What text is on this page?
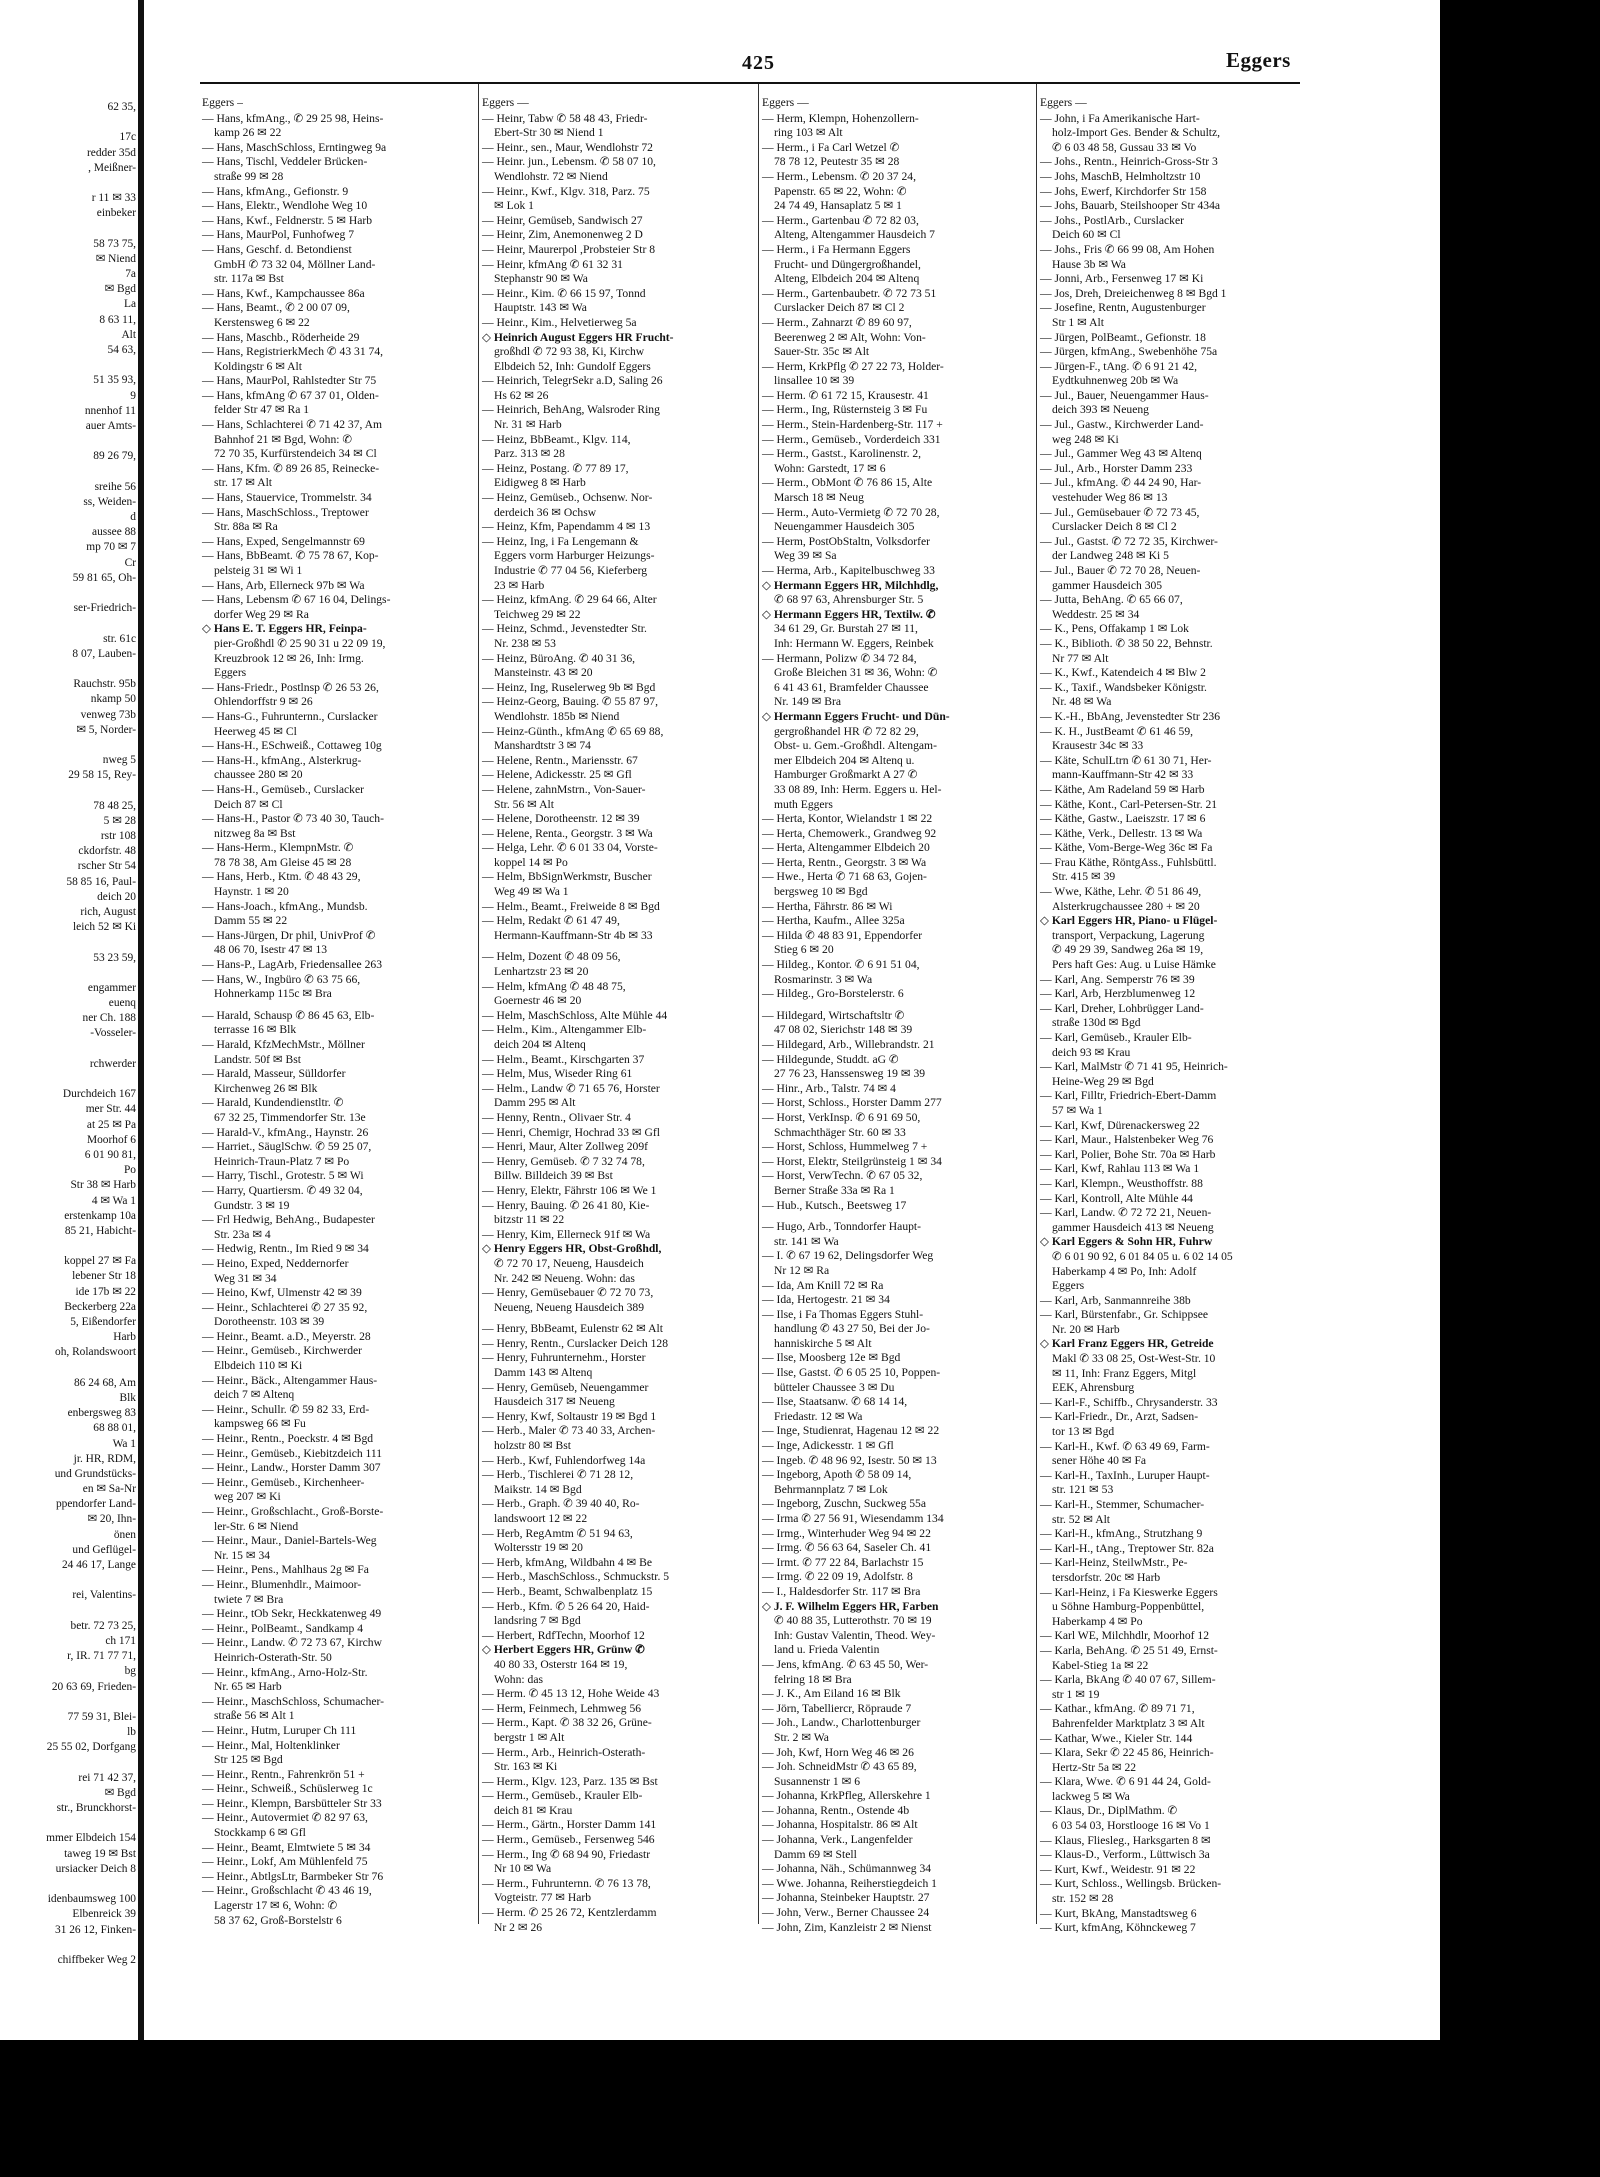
62 35,
17c
redder 35d
, Meißner-
r 11 ✉ 33
einbeker
58 73 75,
✉ Niend
7a
✉ Bgd
La
8 63 11,
Alt
54 63,
51 35 93,
9
nnenhof 11
auer Amts-
89 26 79,
sreihe 56
ss, Weiden-
d
aussee 88
mp 70 ✉ 7
Cr
59 81 65, Oh-
ser-Friedrich-
str. 61c
8 07, Lauben-
Rauchstr. 95b
nkamp 50
venweg 73b
✉ 5, Norder-
nweg 5
29 58 15, Rey-
78 48 25,
5 ✉ 28
rstr 108
ckdorfstr. 48
rscher Str 54
58 85 16, Paul-
deich 20
rich, August
leich 52 ✉ Ki
53 23 59,
engammer
euenq
ner Ch. 188
-Vosseler-
rchwerder
Durchdeich 167
mer Str. 44
at 25 ✉ Pa
Moorhof 6
6 01 90 81,
Po
Str 38 ✉ Harb
4 ✉ Wa 1
erstenkamp 10a
85 21, Habicht-
koppel 27 ✉ Fa
lebener Str 18
ide 17b ✉ 22
Beckerberg 22a
5, Eißendorfer
Harb
oh, Rolandswoort
86 24 68, Am
Blk
enbergsweg 83
68 88 01,
Wa 1
jr. HR, RDM,
und Grundstücks-
en ✉ Sa-Nr
ppendorfer Land-
✉ 20, Ihn-
önen
und Geflügel-
24 46 17, Lange
rei, Valentins-
betr. 72 73 25,
ch 171
r, IR. 71 77 71,
bg
20 63 69, Frieden-
77 59 31, Blei-
lb
25 55 02, Dorfgang
rei 71 42 37,
✉ Bgd
str., Brunckhorst-
mmer Elbdeich 154
taweg 19 ✉ Bst
ursiacker Deich 8
idenbaumsweg 100
Elbenreick 39
31 26 12, Finken-
chiffbeker Weg 2
425	Eggers
Eggers –
— Hans, kfmAng., ✆ 29 25 98, Heins-
kamp 26 ✉ 22
— Hans, MaschSchloss, Erntingweg 9a
— Hans, Tischl, Veddeler Brücken-
straße 99 ✉ 28
— Hans, kfmAng., Gefionstr. 9
— Hans, Elektr., Wendlohe Weg 10
— Hans, Kwf., Feldnerstr. 5 ✉ Harb
— Hans, MaurPol, Funhofweg 7
— Hans, Geschf. d. Betondienst
GmbH ✆ 73 32 04, Möllner Land-
str. 117a ✉ Bst
— Hans, Kwf., Kampchaussee 86a
— Hans, Beamt., ✆ 2 00 07 09,
Kerstensweg 6 ✉ 22
— Hans, Maschb., Röderheide 29
— Hans, RegistrierkMech ✆ 43 31 74,
Koldingstr 6 ✉ Alt
— Hans, MaurPol, Rahlstedter Str 75
— Hans, kfmAng ✆ 67 37 01, Olden-
felder Str 47 ✉ Ra 1
— Hans, Schlachterei ✆ 71 42 37, Am
Bahnhof 21 ✉ Bgd, Wohn: ✆
72 70 35, Kurfürstendeich 34 ✉ Cl
— Hans, Kfm. ✆ 89 26 85, Reinecke-
str. 17 ✉ Alt
— Hans, Stauervice, Trommelstr. 34
— Hans, MaschSchloss., Treptower
Str. 88a ✉ Ra
— Hans, Exped, Sengelmannstr 69
— Hans, BbBeamt. ✆ 75 78 67, Kop-
pelsteig 31 ✉ Wi 1
— Hans, Arb, Ellerneck 97b ✉ Wa
— Hans, Lebensm ✆ 67 16 04, Delings-
dorfer Weg 29 ✉ Ra
◇ Hans E. T. Eggers HR, Feinpa-
pier-Großhdl ✆ 25 90 31 u 22 09 19,
Kreuzbrook 12 ✉ 26, Inh: Irmg.
Eggers
— Hans-Friedr., Postlnsp ✆ 26 53 26,
Ohlendorffstr 9 ✉ 26
— Hans-G., Fuhrunternn., Curslacker
Heerweg 45 ✉ Cl
— Hans-H., ESchweiß., Cottaweg 10g
— Hans-H., kfmAng., Alsterkrug-
chaussee 280 ✉ 20
— Hans-H., Gemüseb., Curslacker
Deich 87 ✉ Cl
— Hans-H., Pastor ✆ 73 40 30, Tauch-
nitzweg 8a ✉ Bst
— Hans-Herm., KlempnMstr. ✆
78 78 38, Am Gleise 45 ✉ 28
— Hans, Herb., Ktm. ✆ 48 43 29,
Haynstr. 1 ✉ 20
— Hans-Joach., kfmAng., Mundsb.
Damm 55 ✉ 22
— Hans-Jürgen, Dr phil, UnivProf ✆
48 06 70, Isestr 47 ✉ 13
— Hans-P., LagArb, Friedensallee 263
— Hans, W., Ingbüro ✆ 63 75 66,
Hohnerkamp 115c ✉ Bra
— Harald, Schausp ✆ 86 45 63, Elb-
terrasse 16 ✉ Blk
— Harald, KfzMechMstr., Möllner
Landstr. 50f ✉ Bst
— Harald, Masseur, Sülldorfer
Kirchenweg 26 ✉ Blk
— Harald, Kundendienstltr. ✆
67 32 25, Timmendorfer Str. 13e
— Harald-V., kfmAng., Haynstr. 26
— Harriet., SäuglSchw. ✆ 59 25 07,
Heinrich-Traun-Platz 7 ✉ Po
— Harry, Tischl., Grotestr. 5 ✉ Wi
— Harry, Quartiersm. ✆ 49 32 04,
Gundstr. 3 ✉ 19
— Frl Hedwig, BehAng., Budapester
Str. 23a ✉ 4
— Hedwig, Rentn., Im Ried 9 ✉ 34
— Heino, Exped, Neddernorfer
Weg 31 ✉ 34
— Heino, Kwf, Ulmenstr 42 ✉ 39
— Heinr., Schlachterei ✆ 27 35 92,
Dorotheenstr. 103 ✉ 39
— Heinr., Beamt. a.D., Meyerstr. 28
— Heinr., Gemüseb., Kirchwerder
Elbdeich 110 ✉ Ki
— Heinr., Bäck., Altengammer Haus-
deich 7 ✉ Altenq
— Heinr., Schullr. ✆ 59 82 33, Erd-
kampsweg 66 ✉ Fu
— Heinr., Rentn., Poeckstr. 4 ✉ Bgd
— Heinr., Gemüseb., Kiebitzdeich 111
— Heinr., Landw., Horster Damm 307
— Heinr., Gemüseb., Kirchenheer-
weg 207 ✉ Ki
— Heinr., Großschlacht., Groß-Borste-
ler-Str. 6 ✉ Niend
— Heinr., Maur., Daniel-Bartels-Weg
Nr. 15 ✉ 34
— Heinr., Pens., Mahlhaus 2g ✉ Fa
— Heinr., Blumenhdlr., Maimoor-
twiete 7 ✉ Bra
— Heinr., tOb Sekr, Heckkatenweg 49
— Heinr., PolBeamt., Sandkamp 4
— Heinr., Landw. ✆ 72 73 67, Kirchw
Heinrich-Osterath-Str. 50
— Heinr., kfmAng., Arno-Holz-Str.
Nr. 65 ✉ Harb
— Heinr., MaschSchloss, Schumacher-
straße 56 ✉ Alt 1
— Heinr., Hutm, Luruper Ch 111
— Heinr., Mal, Holtenklinker
Str 125 ✉ Bgd
— Heinr., Rentn., Fahrenkrön 51 +
— Heinr., Schweiß., Schüslerweg 1c
— Heinr., Klempn, Barsbütteler Str 33
— Heinr., Autovermiet ✆ 82 97 63,
Stockkamp 6 ✉ Gfl
— Heinr., Beamt, Elmtwiete 5 ✉ 34
— Heinr., Lokf, Am Mühlenfeld 75
— Heinr., AbtlgsLtr, Barmbeker Str 76
— Heinr., Großschlacht ✆ 43 46 19,
Lagerstr 17 ✉ 6, Wohn: ✆
58 37 62, Groß-Borstelstr 6
Eggers —
— Heinr, Tabw ✆ 58 48 43, Friedr-
Ebert-Str 30 ✉ Niend 1
— Heinr., sen., Maur, Wendlohstr 72
— Heinr. jun., Lebensm. ✆ 58 07 10,
Wendlohstr. 72 ✉ Niend
— Heinr., Kwf., Klgv. 318, Parz. 75
✉ Lok 1
— Heinr, Gemüseb, Sandwisch 27
— Heinr, Zim, Anemonenweg 2 D
— Heinr, Maurerpol ,Probsteier Str 8
— Heinr, kfmAng ✆ 61 32 31
Stephanstr 90 ✉ Wa
— Heinr., Kim. ✆ 66 15 97, Tonnd
Hauptstr. 143 ✉ Wa
— Heinr., Kim., Helvetierweg 5a
◇ Heinrich August Eggers HR Frucht-
großhdl ✆ 72 93 38, Ki, Kirchw
Elbdeich 52, Inh: Gundolf Eggers
— Heinrich, TelegrSekr a.D, Saling 26
Hs 62 ✉ 26
— Heinrich, BehAng, Walsroder Ring
Nr. 31 ✉ Harb
— Heinz, BbBeamt., Klgv. 114,
Parz. 313 ✉ 28
— Heinz, Postang. ✆ 77 89 17,
Eidigweg 8 ✉ Harb
— Heinz, Gemüseb., Ochsenw. Nor-
derdeich 36 ✉ Ochsw
— Heinz, Kfm, Papendamm 4 ✉ 13
— Heinz, Ing, i Fa Lengemann &
Eggers vorm Harburger Heizungs-
Industrie ✆ 77 04 56, Kieferberg
23 ✉ Harb
— Heinz, kfmAng. ✆ 29 64 66, Alter
Teichweg 29 ✉ 22
— Heinz, Schmd., Jevenstedter Str.
Nr. 238 ✉ 53
— Heinz, BüroAng. ✆ 40 31 36,
Mansteinstr. 43 ✉ 20
— Heinz, Ing, Ruselerweg 9b ✉ Bgd
— Heinz-Georg, Bauing. ✆ 55 87 97,
Wendlohstr. 185b ✉ Niend
— Heinz-Günth., kfmAng ✆ 65 69 88,
Manshardtstr 3 ✉ 74
— Helene, Rentn., Mariensstr. 67
— Helene, Adickesstr. 25 ✉ Gfl
— Helene, zahnMstrn., Von-Sauer-
Str. 56 ✉ Alt
— Helene, Dorotheenstr. 12 ✉ 39
— Helene, Renta., Georgstr. 3 ✉ Wa
— Helga, Lehr. ✆ 6 01 33 04, Vorste-
koppel 14 ✉ Po
— Helm, BbSignWerkmstr, Buscher
Weg 49 ✉ Wa 1
— Helm., Beamt., Freiweide 8 ✉ Bgd
— Helm, Redakt ✆ 61 47 49,
Hermann-Kauffmann-Str 4b ✉ 33
— Helm, Dozent ✆ 48 09 56,
Lenhartzstr 23 ✉ 20
— Helm, kfmAng ✆ 48 48 75,
Goernestr 46 ✉ 20
— Helm, MaschSchloss, Alte Mühle 44
— Helm., Kim., Altengammer Elb-
deich 204 ✉ Altenq
— Helm., Beamt., Kirschgarten 37
— Helm, Mus, Wiseder Ring 61
— Helm., Landw ✆ 71 65 76, Horster
Damm 295 ✉ Alt
— Henny, Rentn., Olivaer Str. 4
— Henri, Chemigr, Hochrad 33 ✉ Gfl
— Henri, Maur, Alter Zollweg 209f
— Henry, Gemüseb. ✆ 7 32 74 78,
Billw. Billdeich 39 ✉ Bst
— Henry, Elektr, Fährstr 106 ✉ We 1
— Henry, Bauing. ✆ 26 41 80, Kie-
bitzstr 11 ✉ 22
— Henry, Kim, Ellerneck 91f ✉ Wa
◇ Henry Eggers HR, Obst-Großhdl,
✆ 72 70 17, Neueng, Hausdeich
Nr. 242 ✉ Neueng. Wohn: das
— Henry, Gemüsebauer ✆ 72 70 73,
Neueng, Neueng Hausdeich 389
— Henry, BbBeamt, Eulenstr 62 ✉ Alt
— Henry, Rentn., Curslacker Deich 128
— Henry, Fuhrunternehm., Horster
Damm 143 ✉ Altenq
— Henry, Gemüseb, Neuengammer
Hausdeich 317 ✉ Neueng
— Henry, Kwf, Soltaustr 19 ✉ Bgd 1
— Herb., Maler ✆ 73 40 33, Archen-
holzstr 80 ✉ Bst
— Herb., Kwf, Fuhlendorfweg 14a
— Herb., Tischlerei ✆ 71 28 12,
Maikstr. 14 ✉ Bgd
— Herb., Graph. ✆ 39 40 40, Ro-
landswoort 12 ✉ 22
— Herb, RegAmtm ✆ 51 94 63,
Woltersstr 19 ✉ 20
— Herb, kfmAng, Wildbahn 4 ✉ Be
— Herb., MaschSchloss., Schmuckstr. 5
— Herb., Beamt, Schwalbenplatz 15
— Herb., Kfm. ✆ 5 26 64 20, Haid-
landsring 7 ✉ Bgd
— Herbert, RdfTechn, Moorhof 12
◇ Herbert Eggers HR, Grünw ✆
40 80 33, Osterstr 164 ✉ 19,
Wohn: das
— Herm. ✆ 45 13 12, Hohe Weide 43
— Herm, Feinmech, Lehmweg 56
— Herm., Kapt. ✆ 38 32 26, Grüne-
bergstr 1 ✉ Alt
— Herm., Arb., Heinrich-Osterath-
Str. 163 ✉ Ki
— Herm., Klgv. 123, Parz. 135 ✉ Bst
— Herm., Gemüseb., Krauler Elb-
deich 81 ✉ Krau
— Herm., Gärtn., Horster Damm 141
— Herm., Gemüseb., Fersenweg 546
— Herm., Ing ✆ 68 94 90, Friedastr
Nr 10 ✉ Wa
— Herm., Fuhrunternn. ✆ 76 13 78,
Vogteistr. 77 ✉ Harb
— Herm. ✆ 25 26 72, Kentzlerdamm
Nr 2 ✉ 26
Eggers —
— Herm, Klempn, Hohenzollern-
ring 103 ✉ Alt
— Herm., i Fa Carl Wetzel ✆
78 78 12, Peutestr 35 ✉ 28
— Herm., Lebensm. ✆ 20 37 24,
Papenstr. 65 ✉ 22, Wohn: ✆
24 74 49, Hansaplatz 5 ✉ 1
— Herm., Gartenbau ✆ 72 82 03,
Alteng, Altengammer Hausdeich 7
— Herm., i Fa Hermann Eggers
Frucht- und Düngergroßhandel,
Alteng, Elbdeich 204 ✉ Altenq
— Herm., Gartenbaubetr. ✆ 72 73 51
Curslacker Deich 87 ✉ Cl 2
— Herm., Zahnarzt ✆ 89 60 97,
Beerenweg 2 ✉ Alt, Wohn: Von-
Sauer-Str. 35c ✉ Alt
— Herm, KrkPflg ✆ 27 22 73, Holder-
linsallee 10 ✉ 39
— Herm. ✆ 61 72 15, Krausestr. 41
— Herm., Ing, Rüsternsteig 3 ✉ Fu
— Herm., Stein-Hardenberg-Str. 117 +
— Herm., Gemüseb., Vorderdeich 331
— Herm., Gastst., Karolinenstr. 2,
Wohn: Garstedt, 17 ✉ 6
— Herm., ObMont ✆ 76 86 15, Alte
Marsch 18 ✉ Neug
— Herm., Auto-Vermietg ✆ 72 70 28,
Neuengammer Hausdeich 305
— Herm, PostObStaltn, Volksdorfer
Weg 39 ✉ Sa
— Herma, Arb., Kapitelbuschweg 33
◇ Hermann Eggers HR, Milchhdlg,
✆ 68 97 63, Ahrensburger Str. 5
◇ Hermann Eggers HR, Textilw. ✆
34 61 29, Gr. Burstah 27 ✉ 11,
Inh: Hermann W. Eggers, Reinbek
— Hermann, Polizw ✆ 34 72 84,
Große Bleichen 31 ✉ 36, Wohn: ✆
6 41 43 61, Bramfelder Chaussee
Nr. 149 ✉ Bra
◇ Hermann Eggers Frucht- und Dün-
gergroßhandel HR ✆ 72 82 29,
Obst- u. Gem.-Großhdl. Altengam-
mer Elbdeich 204 ✉ Altenq u.
Hamburger Großmarkt A 27 ✆
33 08 89, Inh: Herm. Eggers u. Hel-
muth Eggers
— Herta, Kontor, Wielandstr 1 ✉ 22
— Herta, Chemowerk., Grandweg 92
— Herta, Altengammer Elbdeich 20
— Herta, Rentn., Georgstr. 3 ✉ Wa
— Hwe., Herta ✆ 71 68 63, Gojen-
bergsweg 10 ✉ Bgd
— Hertha, Fährstr. 86 ✉ Wi
— Hertha, Kaufm., Allee 325a
— Hilda ✆ 48 83 91, Eppendorfer
Stieg 6 ✉ 20
— Hildeg., Kontor. ✆ 6 91 51 04,
Rosmarinstr. 3 ✉ Wa
— Hildeg., Gro-Borstelerstr. 6
— Hildegard, Wirtschaftsltr ✆
47 08 02, Sierichstr 148 ✉ 39
— Hildegard, Arb., Willebrandstr. 21
— Hildegunde, Studdt. aG ✆
27 76 23, Hanssensweg 19 ✉ 39
— Hinr., Arb., Talstr. 74 ✉ 4
— Horst, Schloss., Horster Damm 277
— Horst, VerkInsp. ✆ 6 91 69 50,
Schmachthäger Str. 60 ✉ 33
— Horst, Schloss, Hummelweg 7 +
— Horst, Elektr, Steilgrünsteig 1 ✉ 34
— Horst, VerwTechn. ✆ 67 05 32,
Berner Straße 33a ✉ Ra 1
— Hub., Kutsch., Beetsweg 17
— Hugo, Arb., Tonndorfer Haupt-
str. 141 ✉ Wa
— I. ✆ 67 19 62, Delingsdorfer Weg
Nr 12 ✉ Ra
— Ida, Am Knill 72 ✉ Ra
— Ida, Hertogestr. 21 ✉ 34
— Ilse, i Fa Thomas Eggers Stuhl-
handlung ✆ 43 27 50, Bei der Jo-
hanniskirche 5 ✉ Alt
— Ilse, Moosberg 12e ✉ Bgd
— Ilse, Gastst. ✆ 6 05 25 10, Poppen-
bütteler Chaussee 3 ✉ Du
— Ilse, Staatsanw. ✆ 68 14 14,
Friedastr. 12 ✉ Wa
— Inge, Studienrat, Hagenau 12 ✉ 22
— Inge, Adickesstr. 1 ✉ Gfl
— Ingeb. ✆ 48 96 92, Isestr. 50 ✉ 13
— Ingeborg, Apoth ✆ 58 09 14,
Behrmannplatz 7 ✉ Lok
— Ingeborg, Zuschn, Suckweg 55a
— Irma ✆ 27 56 91, Wiesendamm 134
— Irmg., Winterhuder Weg 94 ✉ 22
— Irmg. ✆ 56 63 64, Saseler Ch. 41
— Irmt. ✆ 77 22 84, Barlachstr 15
— Irmg. ✆ 22 09 19, Adolfstr. 8
— I., Haldesdorfer Str. 117 ✉ Bra
◇ J. F. Wilhelm Eggers HR, Farben
✆ 40 88 35, Lutterothstr. 70 ✉ 19
Inh: Gustav Valentin, Theod. Wey-
land u. Frieda Valentin
— Jens, kfmAng. ✆ 63 45 50, Wer-
felring 18 ✉ Bra
— J. K., Am Eiland 16 ✉ Blk
— Jörn, Tabelliercr, Röpraude 7
— Joh., Landw., Charlottenburger
Str. 2 ✉ Wa
— Joh, Kwf, Horn Weg 46 ✉ 26
— Joh. SchneidMstr ✆ 43 65 89,
Susannenstr 1 ✉ 6
— Johanna, KrkPfleg, Allerskehre 1
— Johanna, Rentn., Ostende 4b
— Johanna, Hospitalstr. 86 ✉ Alt
— Johanna, Verk., Langenfelder
Damm 69 ✉ Stell
— Johanna, Näh., Schümannweg 34
— Wwe. Johanna, Reiherstiegdeich 1
— Johanna, Steinbeker Hauptstr. 27
— John, Verw., Berner Chaussee 24
— John, Zim, Kanzleistr 2 ✉ Nienst
Eggers —
— John, i Fa Amerikanische Hart-
holz-Import Ges. Bender & Schultz,
✆ 6 03 48 58, Gussau 33 ✉ Vo
— Johs., Rentn., Heinrich-Gross-Str 3
— Johs, MaschB, Helmholtzstr 10
— Johs, Ewerf, Kirchdorfer Str 158
— Johs, Bauarb, Steilshooper Str 434a
— Johs., PostlArb., Curslacker
Deich 60 ✉ Cl
— Johs., Fris ✆ 66 99 08, Am Hohen
Hause 3b ✉ Wa
— Jonni, Arb., Fersenweg 17 ✉ Ki
— Jos, Dreh, Dreieichenweg 8 ✉ Bgd 1
— Josefine, Rentn, Augustenburger
Str 1 ✉ Alt
— Jürgen, PolBeamt., Gefionstr. 18
— Jürgen, kfmAng., Swebenhöhe 75a
— Jürgen-F., tAng. ✆ 6 91 21 42,
Eydtkuhnenweg 20b ✉ Wa
— Jul., Bauer, Neuengammer Haus-
deich 393 ✉ Neueng
— Jul., Gastw., Kirchwerder Land-
weg 248 ✉ Ki
— Jul., Gammer Weg 43 ✉ Altenq
— Jul., Arb., Horster Damm 233
— Jul., kfmAng. ✆ 44 24 90, Har-
vestehuder Weg 86 ✉ 13
— Jul., Gemüsebauer ✆ 72 73 45,
Curslacker Deich 8 ✉ Cl 2
— Jul., Gastst. ✆ 72 72 35, Kirchwer-
der Landweg 248 ✉ Ki 5
— Jul., Bauer ✆ 72 70 28, Neuen-
gammer Hausdeich 305
— Jutta, BehAng. ✆ 65 66 07,
Weddestr. 25 ✉ 34
— K., Pens, Offakamp 1 ✉ Lok
— K., Biblioth. ✆ 38 50 22, Behnstr.
Nr 77 ✉ Alt
— K., Kwf., Katendeich 4 ✉ Blw 2
— K., Taxif., Wandsbeker Königstr.
Nr. 48 ✉ Wa
— K.-H., BbAng, Jevenstedter Str 236
— K. H., JustBeamt ✆ 61 46 59,
Krausestr 34c ✉ 33
— Käte, SchulLtrn ✆ 61 30 71, Her-
mann-Kauffmann-Str 42 ✉ 33
— Käthe, Am Radeland 59 ✉ Harb
— Käthe, Kont., Carl-Petersen-Str. 21
— Käthe, Gastw., Laeiszstr. 17 ✉ 6
— Käthe, Verk., Dellestr. 13 ✉ Wa
— Käthe, Vom-Berge-Weg 36c ✉ Fa
— Frau Käthe, RöntgAss., Fuhlsbüttl.
Str. 415 ✉ 39
— Wwe, Käthe, Lehr. ✆ 51 86 49,
Alsterkrugchaussee 280 + ✉ 20
◇ Karl Eggers HR, Piano- u Flügel-
transport, Verpackung, Lagerung
✆ 49 29 39, Sandweg 26a ✉ 19,
Pers haft Ges: Aug. u Luise Hämke
— Karl, Ang. Semperstr 76 ✉ 39
— Karl, Arb, Herzblumenweg 12
— Karl, Dreher, Lohbrügger Land-
straße 130d ✉ Bgd
— Karl, Gemüseb., Krauler Elb-
deich 93 ✉ Krau
— Karl, MalMstr ✆ 71 41 95, Heinrich-
Heine-Weg 29 ✉ Bgd
— Karl, Filltr, Friedrich-Ebert-Damm
57 ✉ Wa 1
— Karl, Kwf, Dürenackersweg 22
— Karl, Maur., Halstenbeker Weg 76
— Karl, Polier, Bohe Str. 70a ✉ Harb
— Karl, Kwf, Rahlau 113 ✉ Wa 1
— Karl, Klempn., Weusthoffstr. 88
— Karl, Kontroll, Alte Mühle 44
— Karl, Landw. ✆ 72 72 21, Neuen-
gammer Hausdeich 413 ✉ Neueng
◇ Karl Eggers & Sohn HR, Fuhrw
✆ 6 01 90 92, 6 01 84 05 u. 6 02 14 05
Haberkamp 4 ✉ Po, Inh: Adolf
Eggers
— Karl, Arb, Sanmannreihe 38b
— Karl, Bürstenfabr., Gr. Schippsee
Nr. 20 ✉ Harb
◇ Karl Franz Eggers HR, Getreide
Makl ✆ 33 08 25, Ost-West-Str. 10
✉ 11, Inh: Franz Eggers, Mitgl
EEK, Ahrensburg
— Karl-F., Schiffb., Chrysanderstr. 33
— Karl-Friedr., Dr., Arzt, Sadsen-
tor 13 ✉ Bgd
— Karl-H., Kwf. ✆ 63 49 69, Farm-
sener Höhe 40 ✉ Fa
— Karl-H., TaxInh., Luruper Haupt-
str. 121 ✉ 53
— Karl-H., Stemmer, Schumacher-
str. 52 ✉ Alt
— Karl-H., kfmAng., Strutzhang 9
— Karl-H., tAng., Treptower Str. 82a
— Karl-Heinz, SteilwMstr., Pe-
tersdorfstr. 20c ✉ Harb
— Karl-Heinz, i Fa Kieswerke Eggers
u Söhne Hamburg-Poppenbüttel,
Haberkamp 4 ✉ Po
— Karl WE, Milchhdlr, Moorhof 12
— Karla, BehAng. ✆ 25 51 49, Ernst-
Kabel-Stieg 1a ✉ 22
— Karla, BkAng ✆ 40 07 67, Sillem-
str 1 ✉ 19
— Kathar., kfmAng. ✆ 89 71 71,
Bahrenfelder Marktplatz 3 ✉ Alt
— Kathar, Wwe., Kieler Str. 144
— Klara, Sekr ✆ 22 45 86, Heinrich-
Hertz-Str 5a ✉ 22
— Klara, Wwe. ✆ 6 91 44 24, Gold-
lackweg 5 ✉ Wa
— Klaus, Dr., DiplMathm. ✆
6 03 54 03, Horstlooge 16 ✉ Vo 1
— Klaus, Fliesleg., Harksgarten 8 ✉
— Klaus-D., Verform., Lüttwisch 3a
— Kurt, Kwf., Weidestr. 91 ✉ 22
— Kurt, Schloss., Wellingsb. Brücken-
str. 152 ✉ 28
— Kurt, BkAng, Manstadtsweg 6
— Kurt, kfmAng, Köhnckeweg 7
